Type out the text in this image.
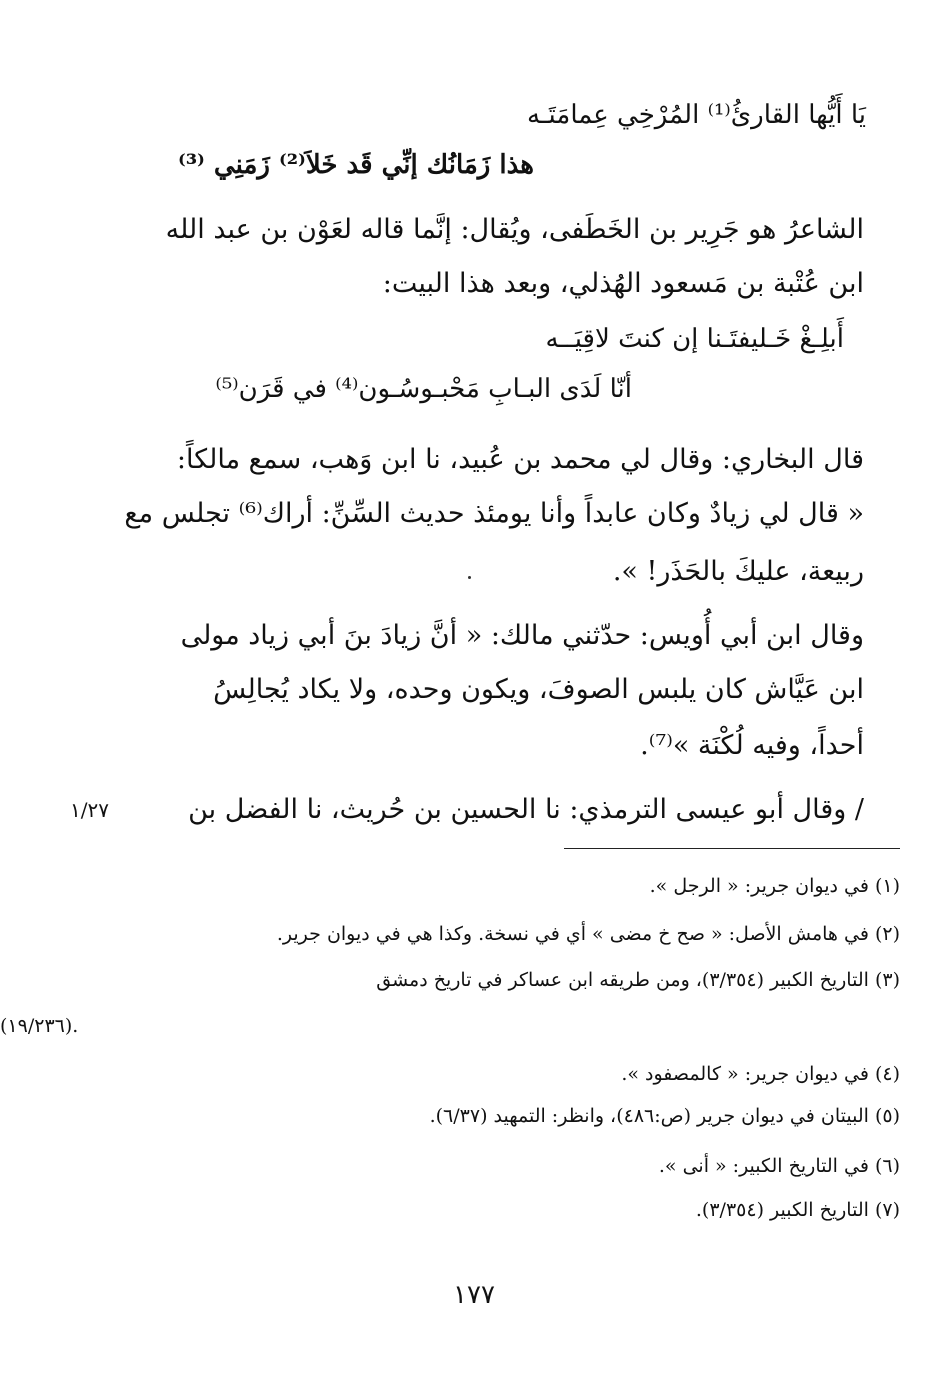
يَا أَيُّها القارئُ⁽¹⁾ المُرْخِي عِمامَتَـه
هذا زَمَانُك إنِّي قَد خَلاَ⁽²⁾ زَمَنِي ⁽³⁾
الشاعرُ هو جَرِير بن الخَطَفى، ويُقال: إنَّما قاله لعَوْن بن عبد الله
ابن عُتْبة بن مَسعود الهُذلي، وبعد هذا البيت:
أَبلِـغْ خَـليفتَـنا إن كنتَ لاقِيَــه
أنّا لَدَى البـابِ مَحْبـوسُـون⁽⁴⁾ في قَرَن⁽⁵⁾
قال البخاري: وقال لي محمد بن عُبيد، نا ابن وَهب، سمع مالكاً:
« قال لي زيادٌ وكان عابداً وأنا يومئذ حديث السِّنِّ: أراك⁽⁶⁾ تجلس مع
ربيعة، عليكَ بالحَذَر! ».
وقال ابن أبي أُويس: حدّثني مالك: « أنَّ زيادَ بنَ أبي زياد مولى
ابن عَيَّاش كان يلبس الصوفَ، ويكون وحده، ولا يكاد يُجالِسُ
أحداً، وفيه لُكْنَة »⁽⁷⁾.
/ وقال أبو عيسى الترمذي: نا الحسين بن حُريث، نا الفضل بن
١/٢٧
(١) في ديوان جرير: « الرجل ».
(٢) في هامش الأصل: « صح خ مضى » أي في نسخة. وكذا هي في ديوان جرير.
(٣) التاريخ الكبير (٣/٣٥٤)، ومن طريقه ابن عساكر في تاريخ دمشق
(١٩/٢٣٦).
(٤) في ديوان جرير: « كالمصفود ».
(٥) البيتان في ديوان جرير (ص:٤٨٦)، وانظر: التمهيد (٦/٣٧).
(٦) في التاريخ الكبير: « أنى ».
(٧) التاريخ الكبير (٣/٣٥٤).
١٧٧
